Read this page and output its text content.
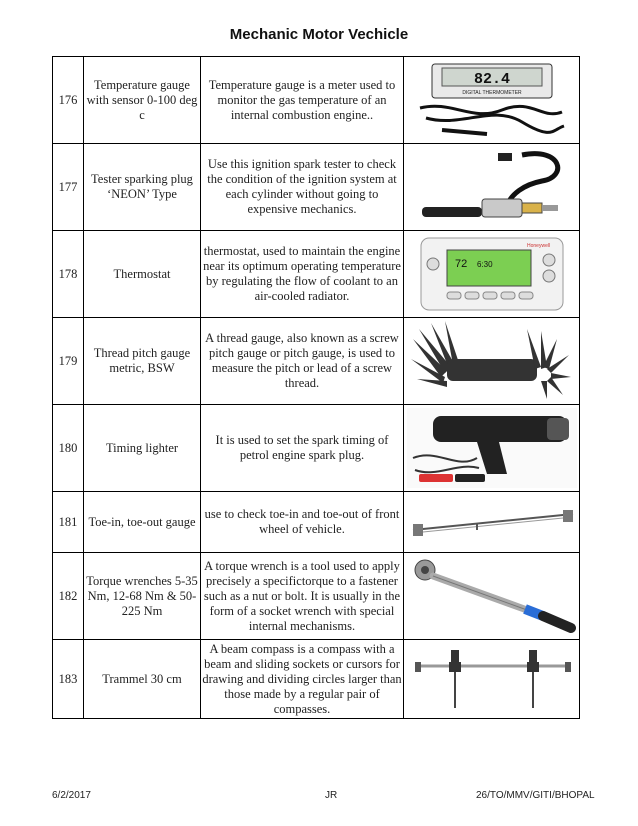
Mechanic Motor Vechicle
176	Temperature gauge with sensor 0-100 deg c	Temperature gauge is a meter used to monitor the gas temperature of an internal combustion engine..	82.4
DIGITAL THERMOMETER

177	Tester sparking plug ‘NEON’ Type	Use this ignition spark tester to check the condition of the ignition system at each cylinder without going to expensive mechanics.	

178	Thermostat	thermostat, used to maintain the engine near its optimum operating temperature by regulating the flow of coolant to an air-cooled radiator.	Honeywell
72 6:30

179	Thread pitch gauge metric, BSW	A thread gauge, also known as a screw pitch gauge or pitch gauge, is used to measure the pitch or lead of a screw thread.	

180	Timing lighter	It is used to set the spark timing of petrol engine spark plug.	

181	Toe-in, toe-out gauge	use to check toe-in and toe-out of front wheel of vehicle.	

182	Torque wrenches 5-35 Nm, 12-68 Nm & 50-225 Nm	A torque wrench is a tool used to apply precisely a specifictorque to a fastener such as a nut or bolt. It is usually in the form of a socket wrench with special internal mechanisms.	

183	Trammel 30 cm	A beam compass is a compass with a beam and sliding sockets or cursors for drawing and dividing circles larger than those made by a regular pair of compasses.	
6/2/2017	JR	26/TO/MMV/GITI/BHOPAL
